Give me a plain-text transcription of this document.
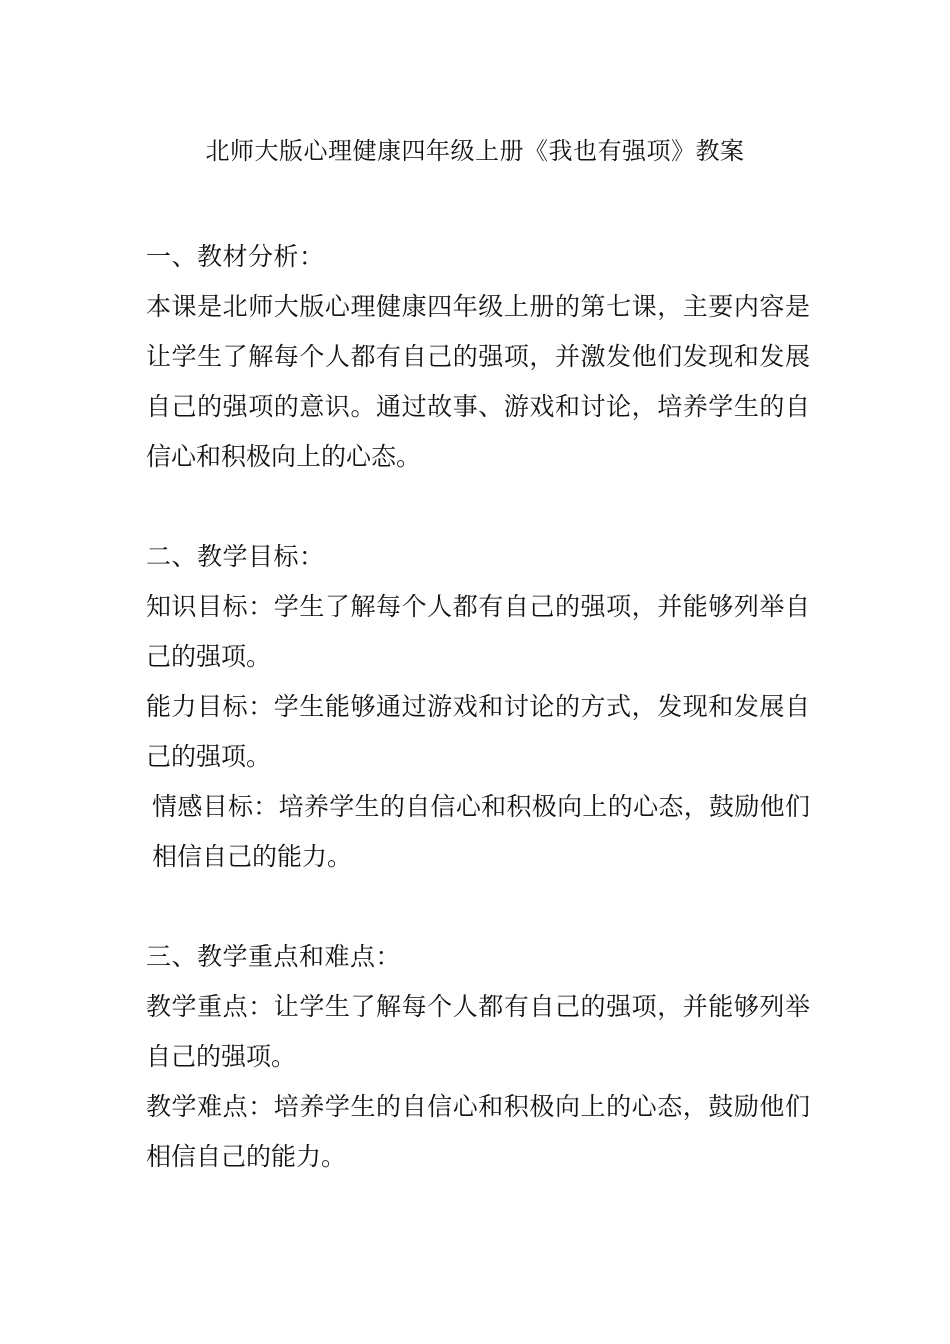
北师大版心理健康四年级上册《我也有强项》教案

一、教材分析：

本课是北师大版心理健康四年级上册的第七课，主要内容是让学生了解每个人都有自己的强项，并激发他们发现和发展自己的强项的意识。通过故事、游戏和讨论，培养学生的自信心和积极向上的心态。

二、教学目标：

知识目标：学生了解每个人都有自己的强项，并能够列举自己的强项。

能力目标：学生能够通过游戏和讨论的方式，发现和发展自己的强项。

情感目标：培养学生的自信心和积极向上的心态，鼓励他们相信自己的能力。

三、教学重点和难点：

教学重点：让学生了解每个人都有自己的强项，并能够列举自己的强项。

教学难点：培养学生的自信心和积极向上的心态，鼓励他们相信自己的能力。
